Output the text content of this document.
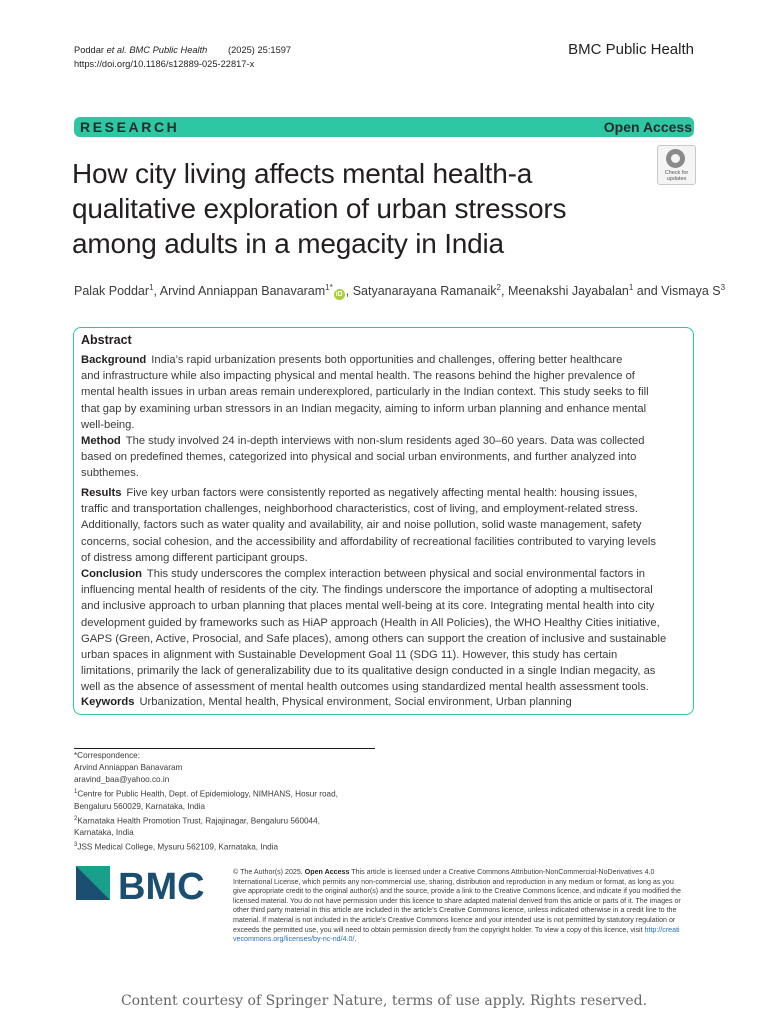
Poddar et al. BMC Public Health (2025) 25:1597
https://doi.org/10.1186/s12889-025-22817-x
BMC Public Health
RESEARCH	Open Access
How city living affects mental health-a
qualitative exploration of urban stressors
among adults in a megacity in India
Check for
updates
Palak Poddar$^1$, Arvind Anniappan Banavaram$^{1*}$iD , Satyanarayana Ramanaik$^2$, Meenakshi Jayabalan$^1$ and Vismaya $S^3$
Abstract
Background India’s rapid urbanization presents both opportunities and challenges, offering better healthcare
and infrastructure while also impacting physical and mental health. The reasons behind the higher prevalence of
mental health issues in urban areas remain underexplored, particularly in the Indian context. This study seeks to fill
that gap by examining urban stressors in an Indian megacity, aiming to inform urban planning and enhance mental
well-being.
Method The study involved 24 in-depth interviews with non-slum residents aged 30–60 years. Data was collected
based on predefined themes, categorized into physical and social urban environments, and further analyzed into
subthemes.
Results Five key urban factors were consistently reported as negatively affecting mental health: housing issues,
traffic and transportation challenges, neighborhood characteristics, cost of living, and employment-related stress.
Additionally, factors such as water quality and availability, air and noise pollution, solid waste management, safety
concerns, social cohesion, and the accessibility and affordability of recreational facilities contributed to varying levels
of distress among different participant groups.
Conclusion This study underscores the complex interaction between physical and social environmental factors in
influencing mental health of residents of the city. The findings underscore the importance of adopting a multisectoral
and inclusive approach to urban planning that places mental well-being at its core. Integrating mental health into city
development guided by frameworks such as HiAP approach (Health in All Policies), the WHO Healthy Cities initiative,
GAPS (Green, Active, Prosocial, and Safe places), among others can support the creation of inclusive and sustainable
urban spaces in alignment with Sustainable Development Goal 11 (SDG 11). However, this study has certain
limitations, primarily the lack of generalizability due to its qualitative design conducted in a single Indian megacity, as
well as the absence of assessment of mental health outcomes using standardized mental health assessment tools.
Keywords Urbanization, Mental health, Physical environment, Social environment, Urban planning
*Correspondence:
Arvind Anniappan Banavaram
aravind_baa@yahoo.co.in
$^1$Centre for Public Health, Dept. of Epidemiology, NIMHANS, Hosur road,
Bengaluru 560029, Karnataka, India
$^2$Karnataka Health Promotion Trust, Rajajinagar, Bengaluru 560044,
Karnataka, India
$^3$JSS Medical College, Mysuru 562109, Karnataka, India
BMC	© The Author(s) 2025. Open Access This article is licensed under a Creative Commons Attribution-NonCommercial-NoDerivatives 4.0
International License, which permits any non-commercial use, sharing, distribution and reproduction in any medium or format, as long as you
give appropriate credit to the original author(s) and the source, provide a link to the Creative Commons licence, and indicate if you modified the
licensed material. You do not have permission under this licence to share adapted material derived from this article or parts of it. The images or
other third party material in this article are included in the article’s Creative Commons licence, unless indicated otherwise in a credit line to the
material. If material is not included in the article’s Creative Commons licence and your intended use is not permitted by statutory regulation or
exceeds the permitted use, you will need to obtain permission directly from the copyright holder. To view a copy of this licence, visit http://creati
vecommons.org/licenses/by-nc-nd/4.0/.
Content courtesy of Springer Nature, terms of use apply. Rights reserved.
